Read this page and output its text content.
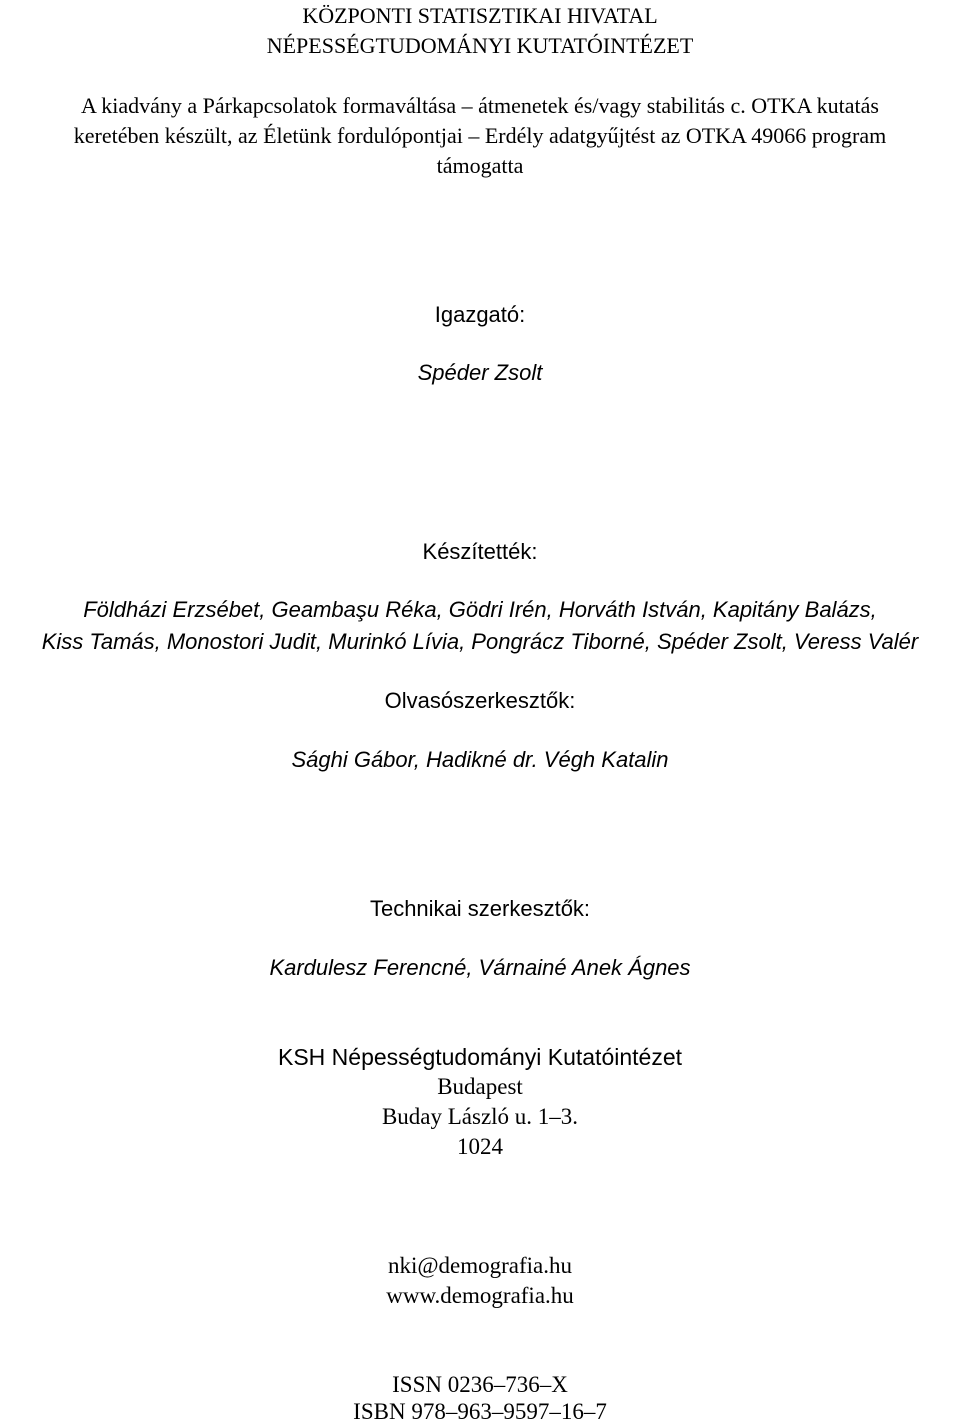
KÖZPONTI STATISZTIKAI HIVATAL
NÉPESSÉGTUDOMÁNYI KUTATÓINTÉZET
A kiadvány a Párkapcsolatok formaváltása – átmenetek és/vagy stabilitás c. OTKA kutatás
keretében készült, az Életünk fordulópontjai – Erdély adatgyűjtést az OTKA 49066 program
támogatta
Igazgató:
Spéder Zsolt
Készítették:
Földházi Erzsébet, Geambaşu Réka, Gödri Irén, Horváth István, Kapitány Balázs,
Kiss Tamás, Monostori Judit, Murinkó Lívia, Pongrácz Tiborné, Spéder Zsolt, Veress Valér
Olvasószerkesztők:
Sághi Gábor, Hadikné dr. Végh Katalin
Technikai szerkesztők:
Kardulesz Ferencné, Várnainé Anek Ágnes
KSH Népességtudományi Kutatóintézet
Budapest
Buday László u. 1–3.
1024
nki@demografia.hu
www.demografia.hu
ISSN 0236–736–X
ISBN 978–963–9597–16–7
